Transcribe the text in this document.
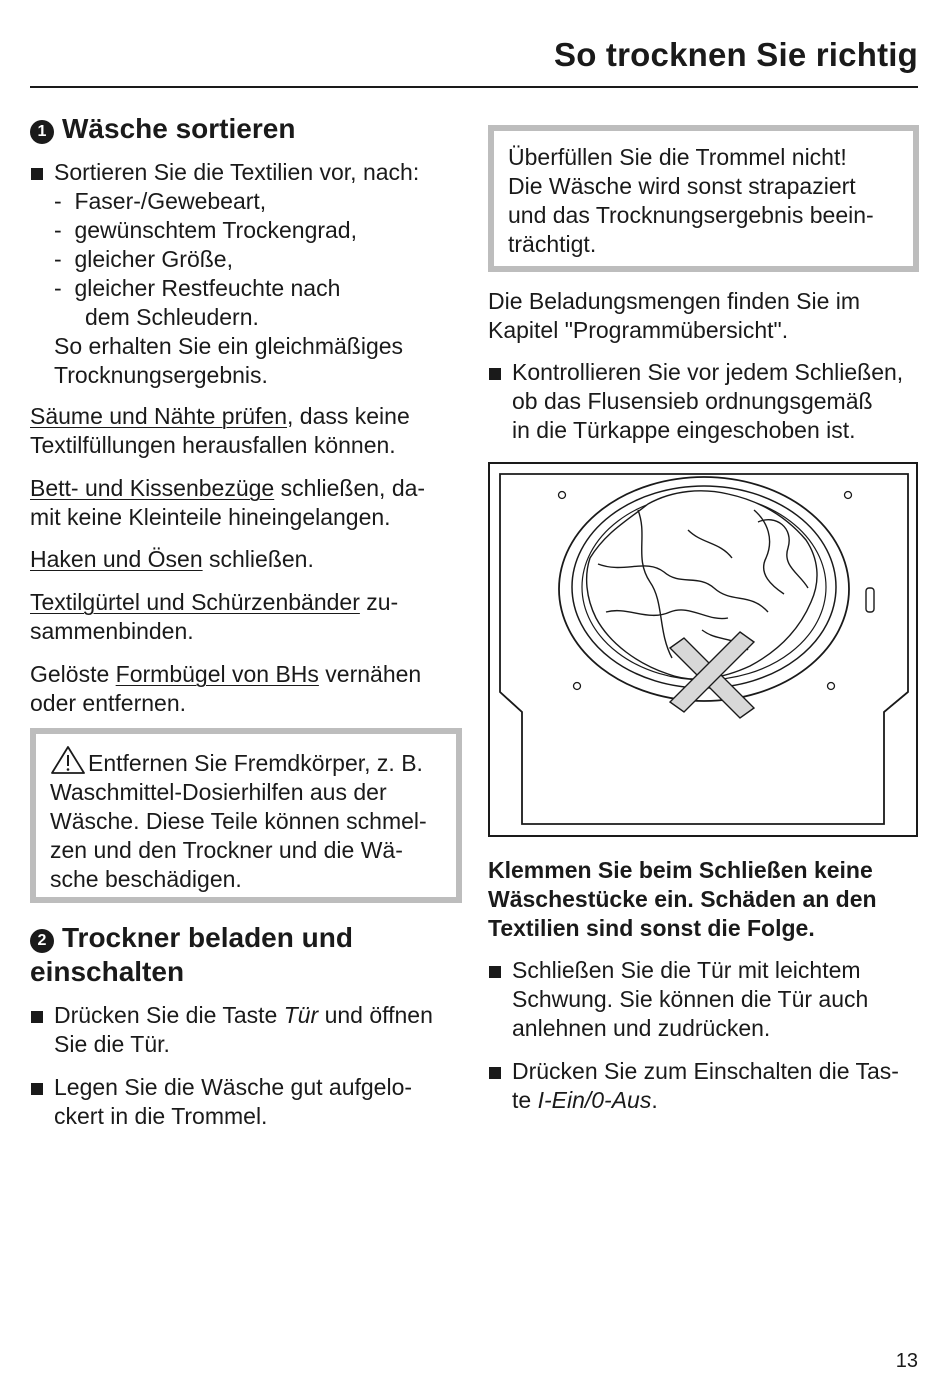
So trocknen Sie richtig
1 Wäsche sortieren
Sortieren Sie die Textilien vor, nach:
-  Faser-/Gewebeart,
-  gewünschtem Trockengrad,
-  gleicher Größe,
-  gleicher Restfeuchte nach
dem Schleudern.
So erhalten Sie ein gleichmäßiges
Trocknungsergebnis.
Säume und Nähte prüfen, dass keine
Textilfüllungen herausfallen können.
Bett- und Kissenbezüge schließen, da-
mit keine Kleinteile hineingelangen.
Haken und Ösen schließen.
Textilgürtel und Schürzenbänder zu-
sammenbinden.
Gelöste Formbügel von BHs vernähen
oder entfernen.
Entfernen Sie Fremdkörper, z. B.
Waschmittel-Dosierhilfen aus der
Wäsche. Diese Teile können schmel-
zen und den Trockner und die Wä-
sche beschädigen.
2 Trockner beladen und
einschalten
Drücken Sie die Taste Tür und öffnen
Sie die Tür.
Legen Sie die Wäsche gut aufgelo-
ckert in die Trommel.
Überfüllen Sie die Trommel nicht!
Die Wäsche wird sonst strapaziert
und das Trocknungsergebnis beein-
trächtigt.
Die Beladungsmengen finden Sie im
Kapitel "Programmübersicht".
Kontrollieren Sie vor jedem Schließen,
ob das Flusensieb ordnungsgemäß
in die Türkappe eingeschoben ist.
Klemmen Sie beim Schließen keine
Wäschestücke ein. Schäden an den
Textilien sind sonst die Folge.
Schließen Sie die Tür mit leichtem
Schwung. Sie können die Tür auch
anlehnen und zudrücken.
Drücken Sie zum Einschalten die Tas-
te I-Ein/0-Aus.
13
